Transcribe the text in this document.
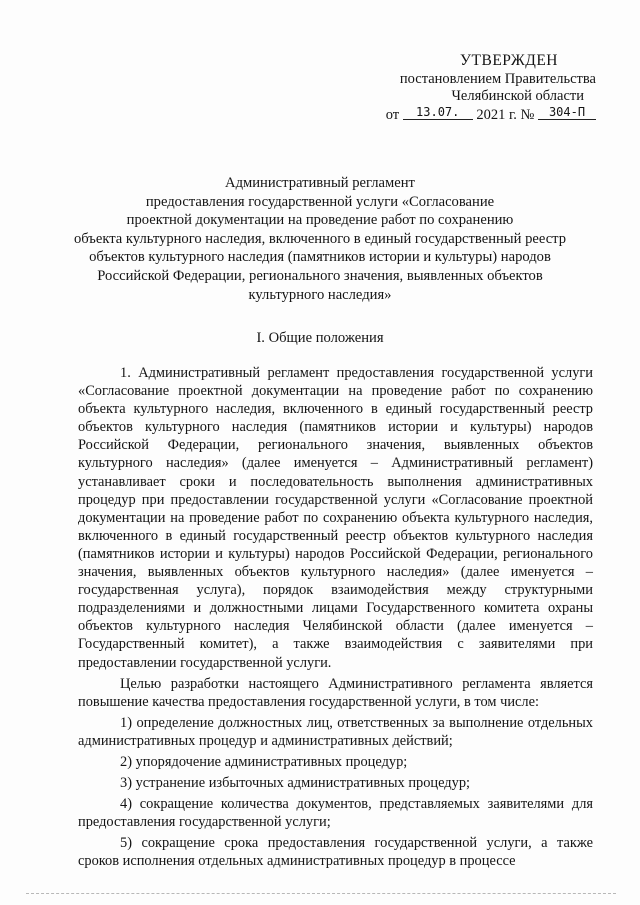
УТВЕРЖДЕН
постановлением Правительства
Челябинской области
от 13.07. 2021 г. № 304-П
Административный регламент
предоставления государственной услуги «Согласование
проектной документации на проведение работ по сохранению
объекта культурного наследия, включенного в единый государственный реестр
объектов культурного наследия (памятников истории и культуры) народов
Российской Федерации, регионального значения, выявленных объектов
культурного наследия»
I. Общие положения

1. Административный регламент предоставления государственной услуги «Согласование проектной документации на проведение работ по сохранению объекта культурного наследия, включенного в единый государственный реестр объектов культурного наследия (памятников истории и культуры) народов Российской Федерации, регионального значения, выявленных объектов культурного наследия» (далее именуется – Административный регламент) устанавливает сроки и последовательность выполнения административных процедур при предоставлении государственной услуги «Согласование проектной документации на проведение работ по сохранению объекта культурного наследия, включенного в единый государственный реестр объектов культурного наследия (памятников истории и культуры) народов Российской Федерации, регионального значения, выявленных объектов культурного наследия» (далее именуется – государственная услуга), порядок взаимодействия между структурными подразделениями и должностными лицами Государственного комитета охраны объектов культурного наследия Челябинской области (далее именуется – Государственный комитет), а также взаимодействия с заявителями при предоставлении государственной услуги.

Целью разработки настоящего Административного регламента является повышение качества предоставления государственной услуги, в том числе:

1) определение должностных лиц, ответственных за выполнение отдельных административных процедур и административных действий;

2) упорядочение административных процедур;

3) устранение избыточных административных процедур;

4) сокращение количества документов, представляемых заявителями для предоставления государственной услуги;

5) сокращение срока предоставления государственной услуги, а также сроков исполнения отдельных административных процедур в процессе
